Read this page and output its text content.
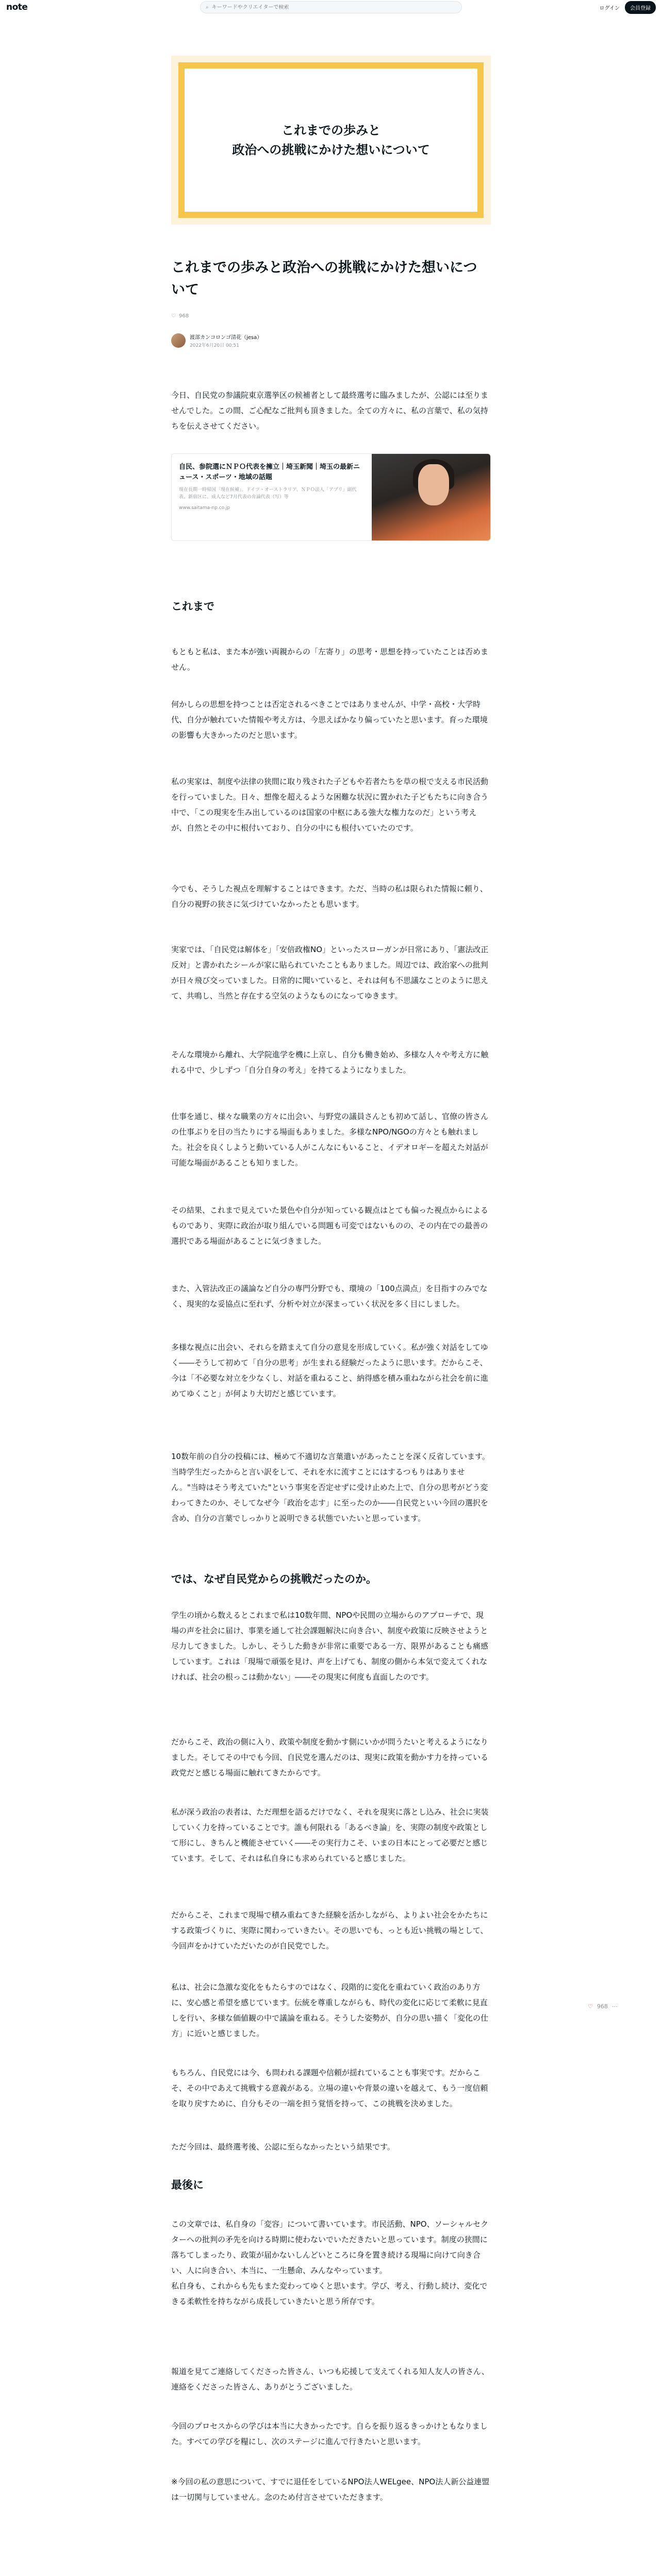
note	⌕
キーワードやクリエイターで検索	ログイン	会員登録
これまでの歩みと
政治への挑戦にかけた想いについて
これまでの歩みと政治への挑戦にかけた想いについて
♡ 968
渡部カンコロンゴ清花（jesa）
2022年6月20日 00:51

今日、自民党の参議院東京選挙区の候補者として最終選考に臨みましたが、公認には至りませんでした。この間、ご心配なご批判も頂きました。全ての方々に、私の言葉で、私の気持ちを伝えさせてください。

自民、参院選にＮＰＯ代表を擁立｜埼玉新聞｜埼玉の最新ニュース・スポーツ・地域の話題
現在長期一時帰国「現在候補」。ドイツ・オーストラリア、ＮＰＯ法人「アプリ」副代表、新宿区に、成人など7月代表の弁論代表（写）等
www.saitama-np.co.jp
これまで

もともと私は、また本が強い両親からの「左寄り」の思考・思想を持っていたことは否めません。

何かしらの思想を持つことは否定されるべきことではありませんが、中学・高校・大学時代、自分が触れていた情報や考え方は、今思えばかなり偏っていたと思います。育った環境の影響も大きかったのだと思います。

私の実家は、制度や法律の狭間に取り残された子どもや若者たちを草の根で支える市民活動を行っていました。日々、想像を超えるような困難な状況に置かれた子どもたちに向き合う中で、「この現実を生み出しているのは国家の中枢にある強大な権力なのだ」という考えが、自然とその中に根付いており、自分の中にも根付いていたのです。

今でも、そうした視点を理解することはできます。ただ、当時の私は限られた情報に頼り、自分の視野の狭さに気づけていなかったとも思います。

実家では、「自民党は解体を」「安倍政権NO」といったスローガンが日常にあり、「憲法改正反対」と書かれたシールが家に貼られていたこともありました。周辺では、政治家への批判が日々飛び交っていました。日常的に聞いていると、それは何も不思議なことのように思えて、共鳴し、当然と存在する空気のようなものになってゆきます。

そんな環境から離れ、大学院進学を機に上京し、自分も働き始め、多様な人々や考え方に触れる中で、少しずつ「自分自身の考え」を持てるようになりました。

仕事を通じ、様々な職業の方々に出会い、与野党の議員さんとも初めて話し、官僚の皆さんの仕事ぶりを目の当たりにする場面もありました。多様なNPO/NGOの方々とも触れました。社会を良くしようと動いている人がこんなにもいること、イデオロギーを超えた対話が可能な場面があることも知りました。

その結果、これまで見えていた景色や自分が知っている観点はとても偏った視点からによるものであり、実際に政治が取り組んでいる問題も可変ではないものの、その内在での最善の選択である場面があることに気づきました。

また、入管法改正の議論など自分の専門分野でも、環境の「100点満点」を目指すのみでなく、現実的な妥協点に至れず、分析や対立が深まっていく状況を多く目にしました。

多様な視点に出会い、それらを踏まえて自分の意見を形成していく。私が強く対話をしてゆく――そうして初めて「自分の思考」が生まれる経験だったように思います。だからこそ、今は「不必要な対立を少なくし、対話を重ねること、納得感を積み重ねながら社会を前に進めてゆくこと」が何より大切だと感じています。

10数年前の自分の投稿には、極めて不適切な言葉遣いがあったことを深く反省しています。当時学生だったからと言い訳をして、それを水に流すことにはするつもりはありません。"当時はそう考えていた"という事実を否定せずに受け止めた上で、自分の思考がどう変わってきたのか、そしてなぜ今「政治を志す」に至ったのか――自民党といい今回の選択を含め、自分の言葉でしっかりと説明できる状態でいたいと思っています。

では、なぜ自民党からの挑戦だったのか。

学生の頃から数えるとこれまで私は10数年間、NPOや民間の立場からのアプローチで、現場の声を社会に届け、事業を通して社会課題解決に向き合い、制度や政策に反映させようと尽力してきました。しかし、そうした動きが非常に重要である一方、限界があることも痛感しています。これは「現場で頑張を見け、声を上げても、制度の側から本気で変えてくれなければ、社会の根っこは動かない」――その現実に何度も直面したのです。

だからこそ、政治の側に入り、政策や制度を動かす側にいかが問うたいと考えるようになりました。そしてその中でも今回、自民党を選んだのは、現実に政策を動かす力を持っている政党だと感じる場面に触れてきたからです。

私が深う政治の表者は、ただ理想を語るだけでなく、それを現実に落とし込み、社会に実装していく力を持っていることです。誰も何限れる「あるべき論」を、実際の制度や政策として形にし、きちんと機能させていく――その実行力こそ、いまの日本にとって必要だと感じています。そして、それは私自身にも求められていると感じました。

だからこそ、これまで現場で積み重ねてきた経験を活かしながら、よりよい社会をかたちにする政策づくりに、実際に関わっていきたい。その思いでも、っとも近い挑戦の場として、今回声をかけていただいたのが自民党でした。

私は、社会に急激な変化をもたらすのではなく、段階的に変化を重ねていく政治のあり方に、安心感と希望を感じています。伝統を尊重しながらも、時代の変化に応じて柔軟に見直しを行い、多様な価値観の中で議論を重ねる。そうした姿勢が、自分の思い描く「変化の仕方」に近いと感じました。

もちろん、自民党には今、も問われる課題や信頼が揺れていることも事実です。だからこそ、その中であえて挑戦する意義がある。立場の違いや背景の違いを越えて、もう一度信頼を取り戻すために、自分もその一端を担う覚悟を持って、この挑戦を決めました。

ただ今回は、最終選考後、公認に至らなかったという結果です。

最後に

この文章では、私自身の「変容」について書いています。市民活動、NPO、ソーシャルセクターへの批判の矛先を向ける時期に使わないでいただきたいと思っています。制度の狭間に落ちてしまったり、政策が届かないしんどいところに身を置き続ける現場に向けて向き合い、人に向き合い、本当に、一生懸命、みんなやっています。
私自身も、これからも先もまた変わってゆくと思います。学び、考え、行動し続け、変化できる柔軟性を持ちながら成長していきたいと思う所存です。

報道を見てご連絡してくださった皆さん、いつも応援して支えてくれる知人友人の皆さん、連絡をくださった皆さん、ありがとうございました。

今回のプロセスからの学びは本当に大きかったです。自らを振り返るきっかけともなりました。すべての学びを糧にし、次のステージに進んで行きたいと思います。

※今回の私の意思について、すでに退任をしているNPO法人WELgee、NPO法人新公益連盟は一切関与していません。念のため付言させていただきます。

♡ 968 ⋯
